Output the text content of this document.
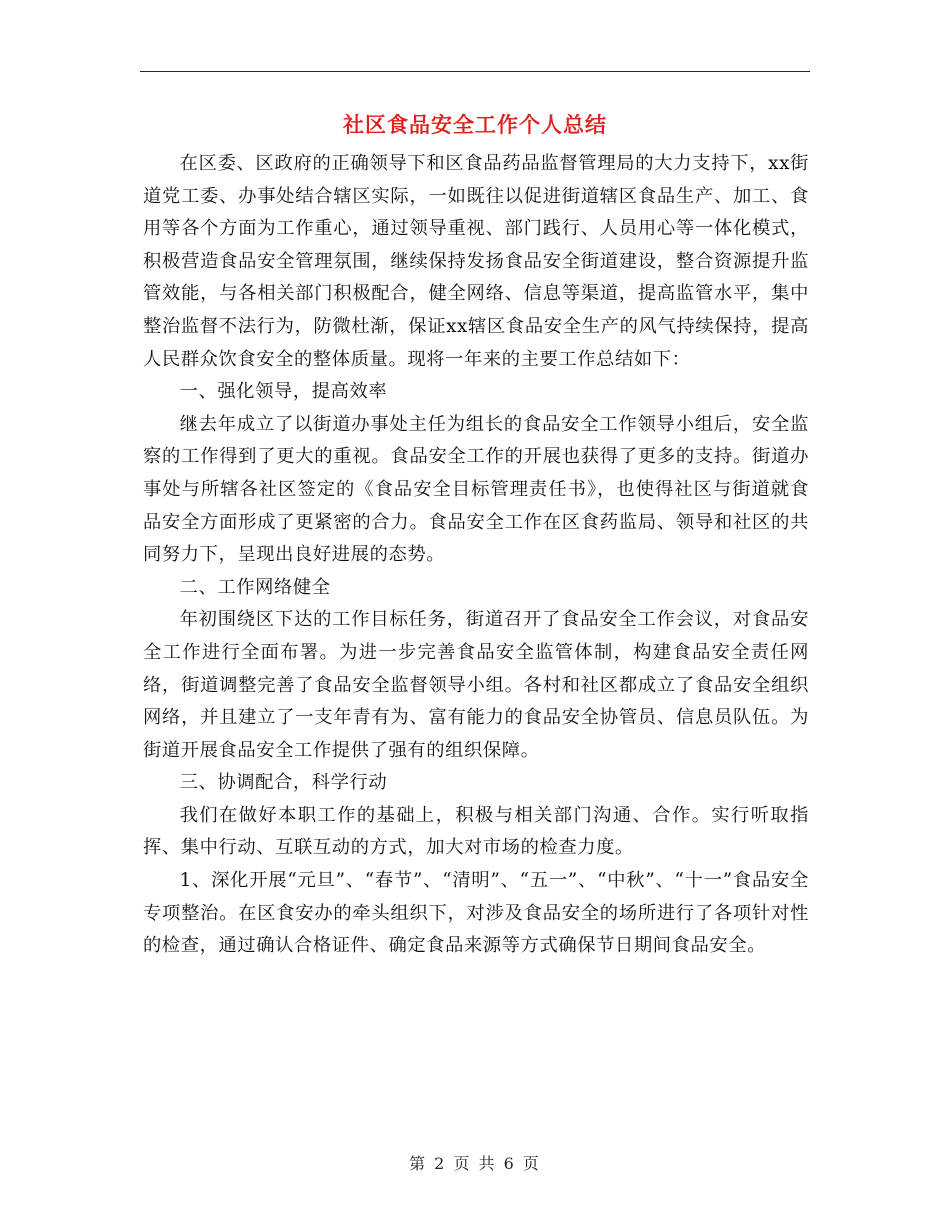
社区食品安全工作个人总结

在区委、区政府的正确领导下和区食品药品监督管理局的大力支持下，xx街道党工委、办事处结合辖区实际，一如既往以促进街道辖区食品生产、加工、食用等各个方面为工作重心，通过领导重视、部门践行、人员用心等一体化模式，积极营造食品安全管理氛围，继续保持发扬食品安全街道建设，整合资源提升监管效能，与各相关部门积极配合，健全网络、信息等渠道，提高监管水平，集中整治监督不法行为，防微杜渐，保证xx辖区食品安全生产的风气持续保持，提高人民群众饮食安全的整体质量。现将一年来的主要工作总结如下：

一、强化领导，提高效率

继去年成立了以街道办事处主任为组长的食品安全工作领导小组后，安全监察的工作得到了更大的重视。食品安全工作的开展也获得了更多的支持。街道办事处与所辖各社区签定的《食品安全目标管理责任书》，也使得社区与街道就食品安全方面形成了更紧密的合力。食品安全工作在区食药监局、领导和社区的共同努力下，呈现出良好进展的态势。

二、工作网络健全

年初围绕区下达的工作目标任务，街道召开了食品安全工作会议，对食品安全工作进行全面布署。为进一步完善食品安全监管体制，构建食品安全责任网络，街道调整完善了食品安全监督领导小组。各村和社区都成立了食品安全组织网络，并且建立了一支年青有为、富有能力的食品安全协管员、信息员队伍。为街道开展食品安全工作提供了强有的组织保障。

三、协调配合，科学行动

我们在做好本职工作的基础上，积极与相关部门沟通、合作。实行听取指挥、集中行动、互联互动的方式，加大对市场的检查力度。

1、深化开展“元旦”、“春节”、“清明”、“五一”、“中秋”、“十一”食品安全专项整治。在区食安办的牵头组织下，对涉及食品安全的场所进行了各项针对性的检查，通过确认合格证件、确定食品来源等方式确保节日期间食品安全。

第 2 页 共 6 页
